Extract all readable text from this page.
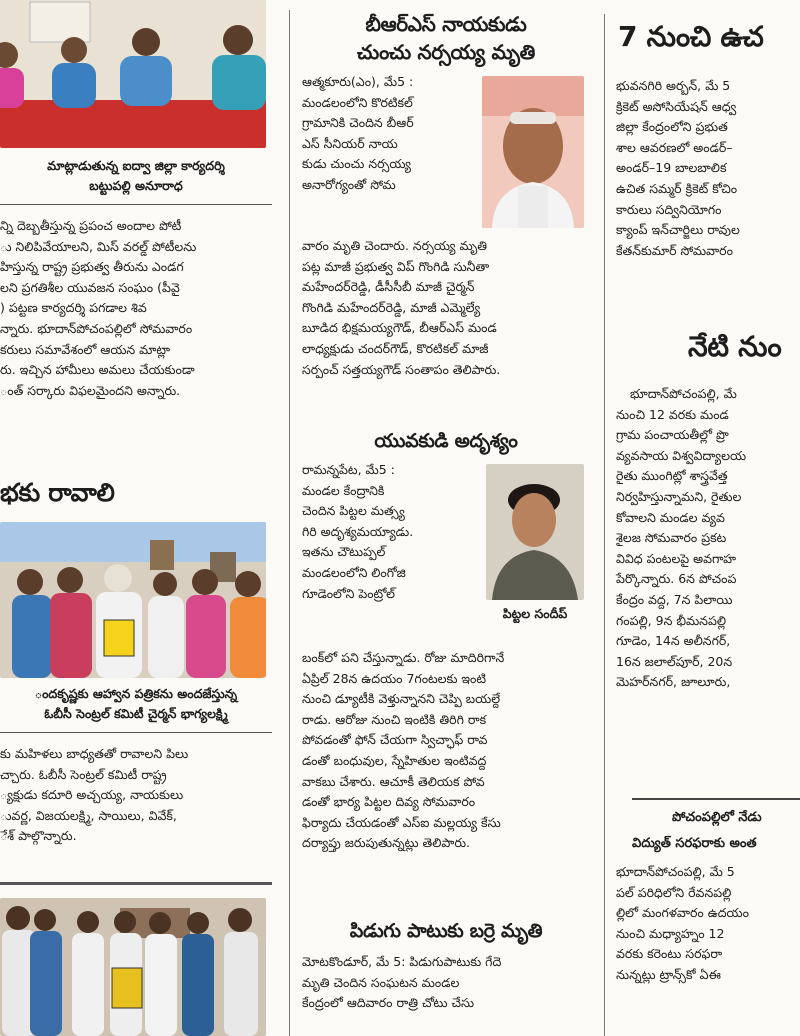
మాట్లాడుతున్న ఐద్వా జిల్లా కార్యదర్శి

బట్టుపల్లి అనూరాధ

న్ని దెబ్బతీస్తున్న ప్రపంచ అందాల పోటీ

ు నిలిపివేయాలని, మిస్ వరల్డ్ పోటీలను

హిస్తున్న రాష్ట్ర ప్రభుత్వ తీరును ఎండగ

లని ప్రగతిశీల యువజన సంఘం (పీవై

) పట్టణ కార్యదర్శి పగడాల శివ

న్నారు. భూదాన్‌పోచంపల్లిలో సోమవారం

కరులు సమావేశంలో ఆయన మాట్లా

రు. ఇచ్చిన హామీలు అమలు చేయకుండా

ంత్ సర్కారు విఫలమైందని అన్నారు.

భకు రావాలి

ందకృష్ణకు ఆహ్వాన పత్రికను అందజేస్తున్న

ఓబీసీ సెంట్రల్ కమిటీ చైర్మన్ భాగ్యలక్ష్మి

కు మహిళలు బాధ్యతతో రావాలని పిలు

చ్చారు. ఓబీసీ సెంట్రల్ కమిటీ రాష్ట్ర

్యక్షుడు కదూరి అచ్చయ్య, నాయకులు

ువర్ణ, విజయలక్ష్మి, సాయిలు, వివేక్,

ేశ్ పాల్గొన్నారు.

బీఆర్ఎస్ నాయకుడు
చుంచు నర్సయ్య మృతి

ఆత్మకూరు(ఎం), మే5 :

మండలంలోని కొరటికల్

గ్రామానికి చెందిన బీఆర్

ఎస్ సీనియర్ నాయ

కుడు చుంచు నర్సయ్య

అనారోగ్యంతో సోమ

వారం మృతి చెందారు. నర్సయ్య మృతి

పట్ల మాజీ ప్రభుత్వ విప్ గొంగిడి సునీతా

మహేందర్‌రెడ్డి, డీసీసీబీ మాజీ చైర్మన్

గొంగిడి మహేందర్‌రెడ్డి, మాజీ ఎమ్మెల్యే

బూడిద భిక్షమయ్యగౌడ్, బీఆర్ఎస్ మండ

లాధ్యక్షుడు చందర్‌గౌడ్, కొరటికల్ మాజీ

సర్పంచ్ సత్తయ్యగౌడ్ సంతాపం తెలిపారు.

యువకుడి అదృశ్యం

పిట్టల సందీప్

రామన్నపేట, మే5 :

మండల కేంద్రానికి

చెందిన పిట్టల మత్స్య

గిరి అదృశ్యమయ్యాడు.

ఇతను చౌటుప్పల్

మండలంలోని లింగోజి

గూడెంలోని పెంట్రోల్

బంక్‌లో పని చేస్తున్నాడు. రోజు మాదిరిగానే

ఏప్రిల్ 28న ఉదయం 7గంటలకు ఇంటి

నుంచి డ్యూటీకి వెళ్తున్నానని చెప్పి బయల్దే

రాడు. ఆరోజు నుంచి ఇంటికి తిరిగి రాక

పోవడంతో ఫోన్ చేయగా స్విచ్ఛాఫ్ రావ

డంతో బంధువుల, స్నేహితుల ఇంటివద్ద

వాకబు చేశారు. ఆచూకీ తెలియక పోవ

డంతో భార్య పిట్టల దివ్య సోమవారం

ఫిర్యాదు చేయడంతో ఎస్ఐ మల్లయ్య కేసు

దర్యాప్తు జరుపుతున్నట్లు తెలిపారు.

పిడుగు పాటుకు బర్రె మృతి

మోటకొండూర్, మే 5: పిడుగుపాటుకు గేదె

మృతి చెందిన సంఘటన మండల

కేంద్రంలో ఆదివారం రాత్రి చోటు చేసు

7 నుంచి ఉచ

భువనగిరి అర్బన్, మే 5

క్రికెట్ అసోసియేషన్ ఆధ్వ

జిల్లా కేంద్రంలోని ప్రభుత

శాల ఆవరణలో అండర్–

అండర్–19 బాలబాలిక

ఉచిత సమ్మర్ క్రికెట్ కోచిం

కారులు సద్వినియోగం

క్యాంప్ ఇన్‌చార్జిలు రావుల

కేతన్‌కుమార్ సోమవారం

నేటి నుం

భూదాన్‌పోచంపల్లి, మే

నుంచి 12 వరకు మండ

గ్రామ పంచాయతీల్లో ప్రొ

వ్యవసాయ విశ్వవిద్యాలయ

రైతు ముంగిట్లో శాస్త్రవేత్త

నిర్వహిస్తున్నామని, రైతుల

కోవాలని మండల వ్యవ

శైలజ సోమవారం ప్రకట

వివిధ పంటలపై అవగాహ

పేర్కొన్నారు. 6న పోచంప

కేంద్రం వద్ద, 7న పిలాయి

గంపల్లి, 9న భీమనపల్లి

గూడెం, 14న అలీనగర్,

16న జలాల్‌పూర్, 20న

మెహర్‌నగర్, జూలూరు,

పోచంపల్లిలో నేడు

విద్యుత్ సరఫరాకు అంత

భూదాన్‌పోచంపల్లి, మే 5

పల్ పరిధిలోని రేవనపల్లి

ల్లిలో మంగళవారం ఉదయం

నుంచి మధ్యాహ్నం 12

వరకు కరెంటు సరఫరా

నున్నట్లు ట్రాన్స్‌కో ఏఈ
